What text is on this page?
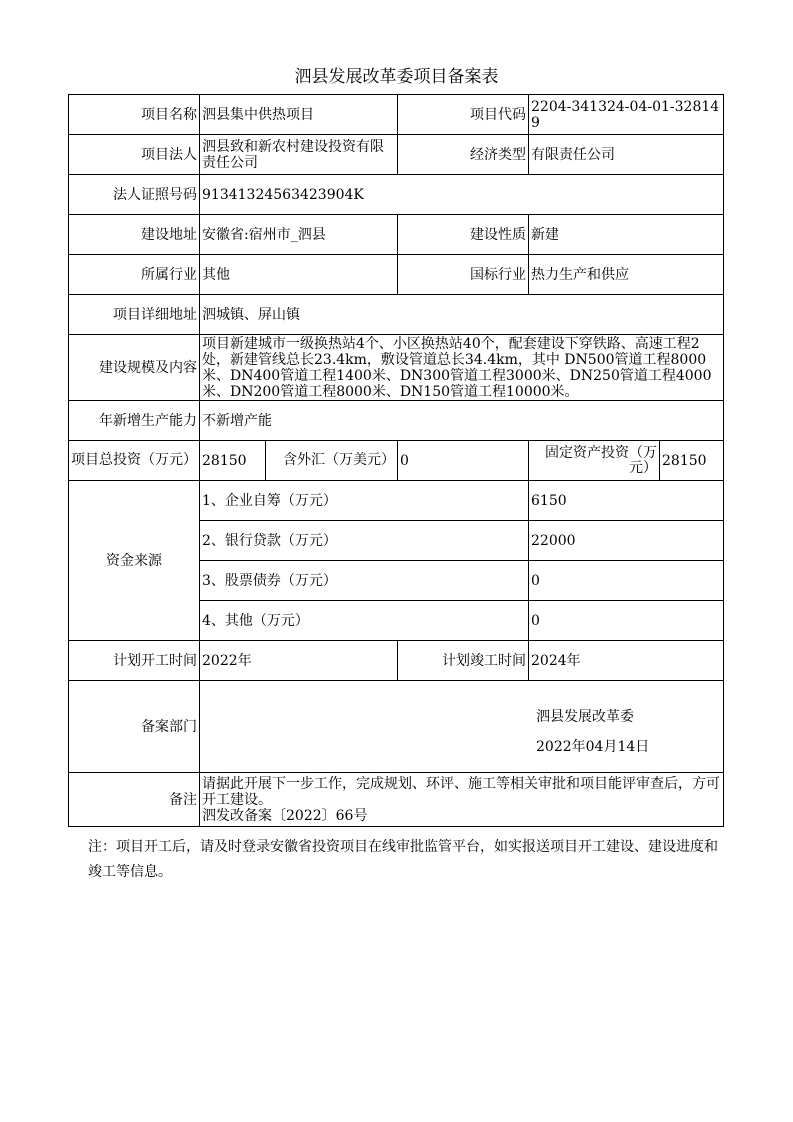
泗县发展改革委项目备案表
项目名称	泗县集中供热项目		项目代码	2204-341324-04-01-328149	
项目法人	泗县致和新农村建设投资有限责任公司		经济类型	有限责任公司	
法人证照号码	91341324563423904K				
建设地址	安徽省:宿州市_泗县		建设性质	新建	
所属行业	其他		国标行业	热力生产和供应	
项目详细地址	泗城镇、屏山镇				
建设规模及内容	项目新建城市一级换热站4个、小区换热站40个，配套建设下穿铁路、高速工程2处，新建管线总长23.4km，敷设管道总长34.4km，其中 DN500管道工程8000米、DN400管道工程1400米、DN300管道工程3000米、DN250管道工程4000米、DN200管道工程8000米、DN150管道工程10000米。				
年新增生产能力	不新增产能				
项目总投资（万元）	28150	含外汇（万美元）	0	固定资产投资（万元）	28150
资金来源	1、企业自筹（万元）			6150	
	2、银行贷款（万元）			22000	
	3、股票债券（万元）			0	
	4、其他（万元）			0	
计划开工时间	2022年		计划竣工时间	2024年	
备案部门	泗县发展改革委
2022年04月14日				

备注	请据此开展下一步工作，完成规划、环评、施工等相关审批和项目能评审查后，方可开工建设。
泗发改备案〔2022〕66号				
注：项目开工后，请及时登录安徽省投资项目在线审批监管平台，如实报送项目开工建设、建设进度和竣工等信息。
